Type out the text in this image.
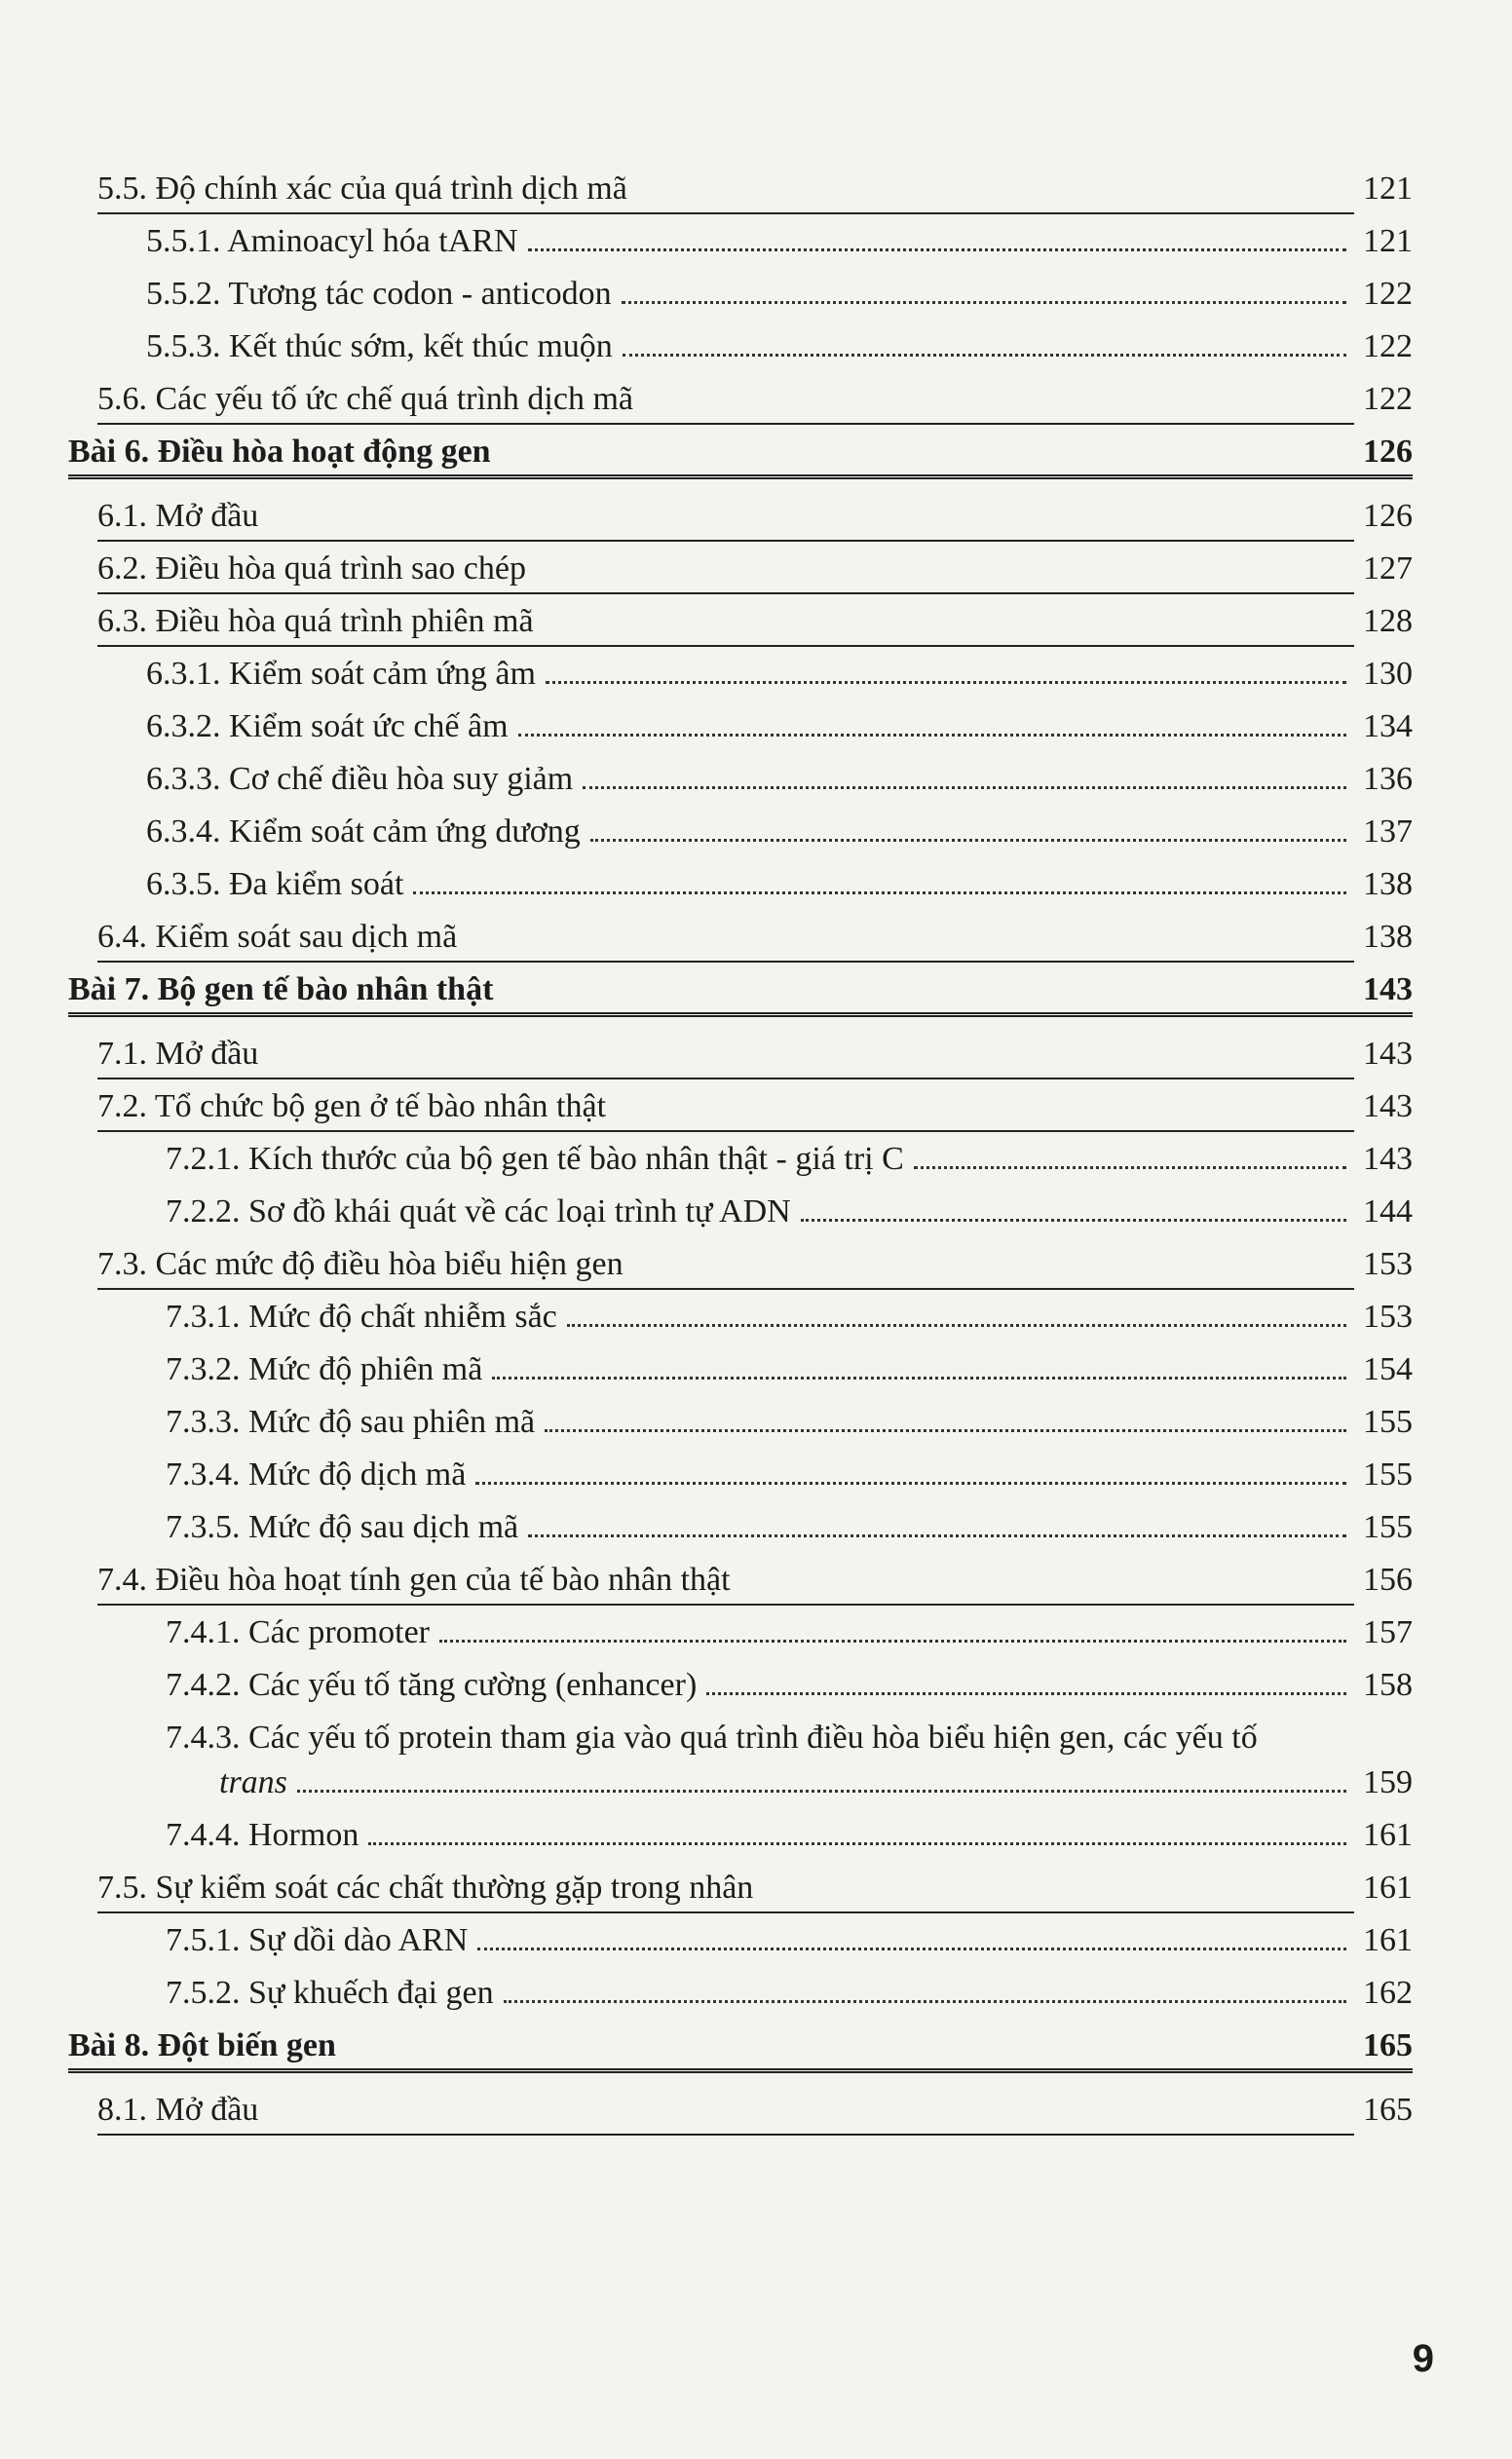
5.5. Độ chính xác của quá trình dịch mã	121
5.5.1. Aminoacyl hóa tARN	121
5.5.2. Tương tác codon - anticodon	122
5.5.3. Kết thúc sớm, kết thúc muộn	122
5.6. Các yếu tố ức chế quá trình dịch mã	122
Bài 6. Điều hòa hoạt động gen	126
6.1. Mở đầu	126
6.2. Điều hòa quá trình sao chép	127
6.3. Điều hòa quá trình phiên mã	128
6.3.1. Kiểm soát cảm ứng âm	130
6.3.2. Kiểm soát ức chế âm	134
6.3.3. Cơ chế điều hòa suy giảm	136
6.3.4. Kiểm soát cảm ứng dương	137
6.3.5. Đa kiểm soát	138
6.4. Kiểm soát sau dịch mã	138
Bài 7. Bộ gen tế bào nhân thật	143
7.1. Mở đầu	143
7.2. Tổ chức bộ gen ở tế bào nhân thật	143
7.2.1. Kích thước của bộ gen tế bào nhân thật - giá trị C	143
7.2.2. Sơ đồ khái quát về các loại trình tự ADN	144
7.3. Các mức độ điều hòa biểu hiện gen	153
7.3.1. Mức độ chất nhiễm sắc	153
7.3.2. Mức độ phiên mã	154
7.3.3. Mức độ sau phiên mã	155
7.3.4. Mức độ dịch mã	155
7.3.5. Mức độ sau dịch mã	155
7.4. Điều hòa hoạt tính gen của tế bào nhân thật	156
7.4.1. Các promoter	157
7.4.2. Các yếu tố tăng cường (enhancer)	158
7.4.3. Các yếu tố protein tham gia vào quá trình điều hòa biểu hiện gen, các yếu tố
trans	159
7.4.4. Hormon	161
7.5. Sự kiểm soát các chất thường gặp trong nhân	161
7.5.1. Sự dồi dào ARN	161
7.5.2. Sự khuếch đại gen	162
Bài 8. Đột biến gen	165
8.1. Mở đầu	165
9
